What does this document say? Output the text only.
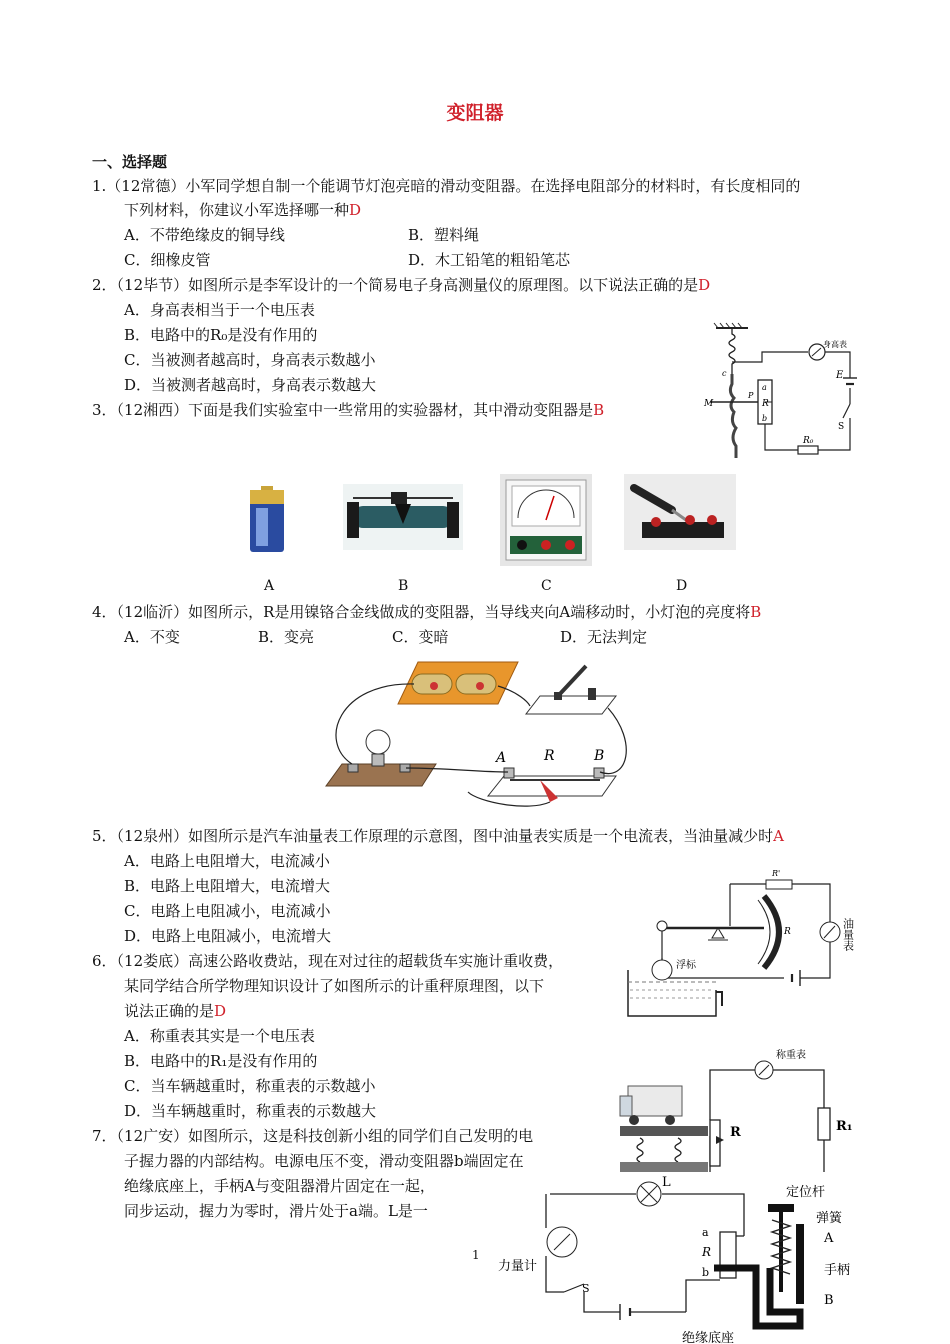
变阻器
一、选择题
1.（12常德）小军同学想自制一个能调节灯泡亮暗的滑动变阻器。在选择电阻部分的材料时，有长度相同的
下列材料，你建议小军选择哪一种D
A．不带绝缘皮的铜导线	B．塑料绳
C．细橡皮管	D．木工铅笔的粗铅笔芯
2．（12毕节）如图所示是李军设计的一个简易电子身高测量仪的原理图。以下说法正确的是D
A．身高表相当于一个电压表
B．电路中的R₀是没有作用的
C．当被测者越高时，身高表示数越小
D．当被测者越高时，身高表示数越大
身高表
E
S
R₀
R
a
b
c
M
P
3．（12湘西）下面是我们实验室中一些常用的实验器材，其中滑动变阻器是B
A	B	C	D
4．（12临沂）如图所示，R是用镍铬合金线做成的变阻器，当导线夹向A端移动时，小灯泡的亮度将B
A．不变	B．变亮	C．变暗	D．无法判定
A	R	B
5．（12泉州）如图所示是汽车油量表工作原理的示意图，图中油量表实质是一个电流表，当油量减少时A
A．电路上电阻增大，电流减小
B．电路上电阻增大，电流增大
C．电路上电阻减小，电流减小
D．电路上电阻减小，电流增大
R'
R
浮标
油量表
6．（12娄底）高速公路收费站，现在对过往的超载货车实施计重收费，
某同学结合所学物理知识设计了如图所示的计重秤原理图，以下
说法正确的是D
A．称重表其实是一个电压表
B．电路中的R₁是没有作用的
C．当车辆越重时，称重表的示数越小
D．当车辆越重时，称重表的示数越大
称重表
R	R₁
7．（12广安）如图所示，这是科技创新小组的同学们自己发明的电
子握力器的内部结构。电源电压不变，滑动变阻器b端固定在
绝缘底座上，手柄A与变阻器滑片固定在一起，
同步运动，握力为零时，滑片处于a端。L是一
L
定位杆
弹簧
A
手柄
B
a
R
b
力量计
S
绝缘底座
1
